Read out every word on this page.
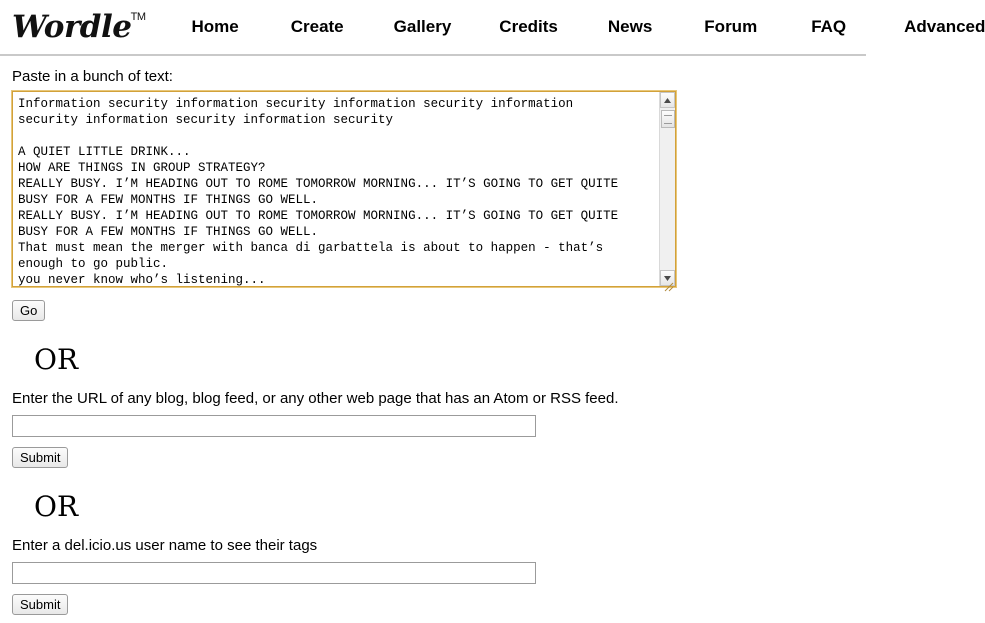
Wordle TM	Home	Create	Gallery	Credits	News	Forum	FAQ	Advanced
Paste in a bunch of text:
Information security information security information security information security information security information security A QUIET LITTLE DRINK... HOW ARE THINGS IN GROUP STRATEGY? REALLY BUSY. I’M HEADING OUT TO ROME TOMORROW MORNING... IT’S GOING TO GET QUITE BUSY FOR A FEW MONTHS IF THINGS GO WELL. REALLY BUSY. I’M HEADING OUT TO ROME TOMORROW MORNING... IT’S GOING TO GET QUITE BUSY FOR A FEW MONTHS IF THINGS GO WELL. That must mean the merger with banca di garbattela is about to happen - that’s enough to go public. you never know who’s listening...
Go
OR
Enter the URL of any blog, blog feed, or any other web page that has an Atom or RSS feed.
Submit
OR
Enter a del.icio.us user name to see their tags
Submit
